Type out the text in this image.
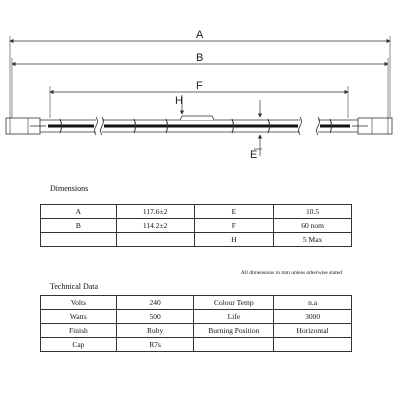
A
B
F
H
E
Dimensions
A	117.6±2	E	10.5
B	114.2±2	F	60 nom
		H	5 Max
All dimensions in mm unless otherwise stated
Technical Data
Volts	240	Colour Temp	n.a
Watts	500	Life	3000
Finish	Ruby	Burning Position	Horizontal
Cap	R7s		
